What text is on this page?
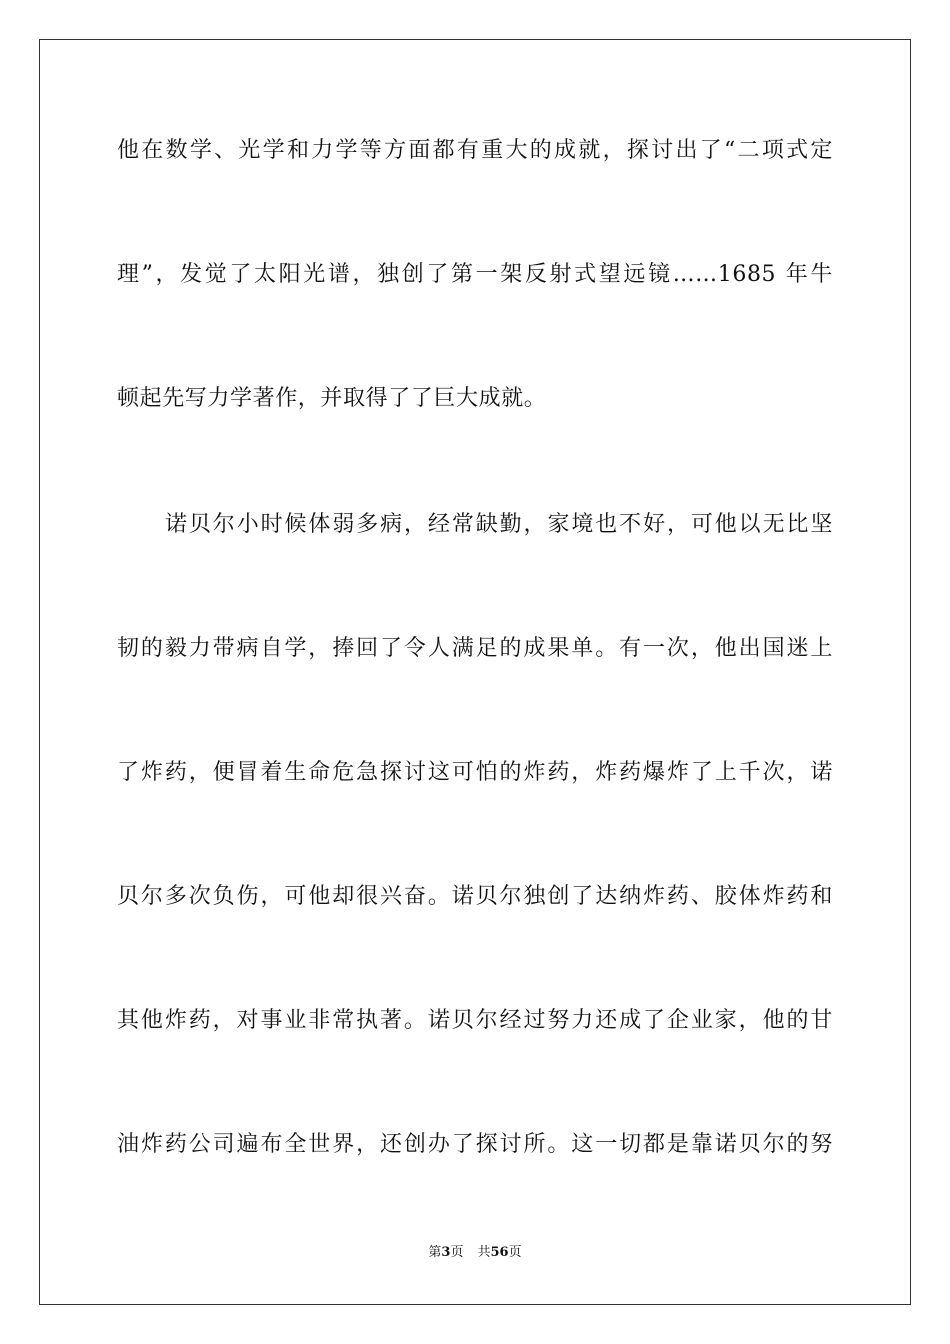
他在数学、光学和力学等方面都有重大的成就，探讨出了“二项式定
理”，发觉了太阳光谱，独创了第一架反射式望远镜……1685 年牛
顿起先写力学著作，并取得了了巨大成就。
诺贝尔小时候体弱多病，经常缺勤，家境也不好，可他以无比坚
韧的毅力带病自学，捧回了令人满足的成果单。有一次，他出国迷上
了炸药，便冒着生命危急探讨这可怕的炸药，炸药爆炸了上千次，诺
贝尔多次负伤，可他却很兴奋。诺贝尔独创了达纳炸药、胶体炸药和
其他炸药，对事业非常执著。诺贝尔经过努力还成了企业家，他的甘
油炸药公司遍布全世界，还创办了探讨所。这一切都是靠诺贝尔的努
第3页 共56页
